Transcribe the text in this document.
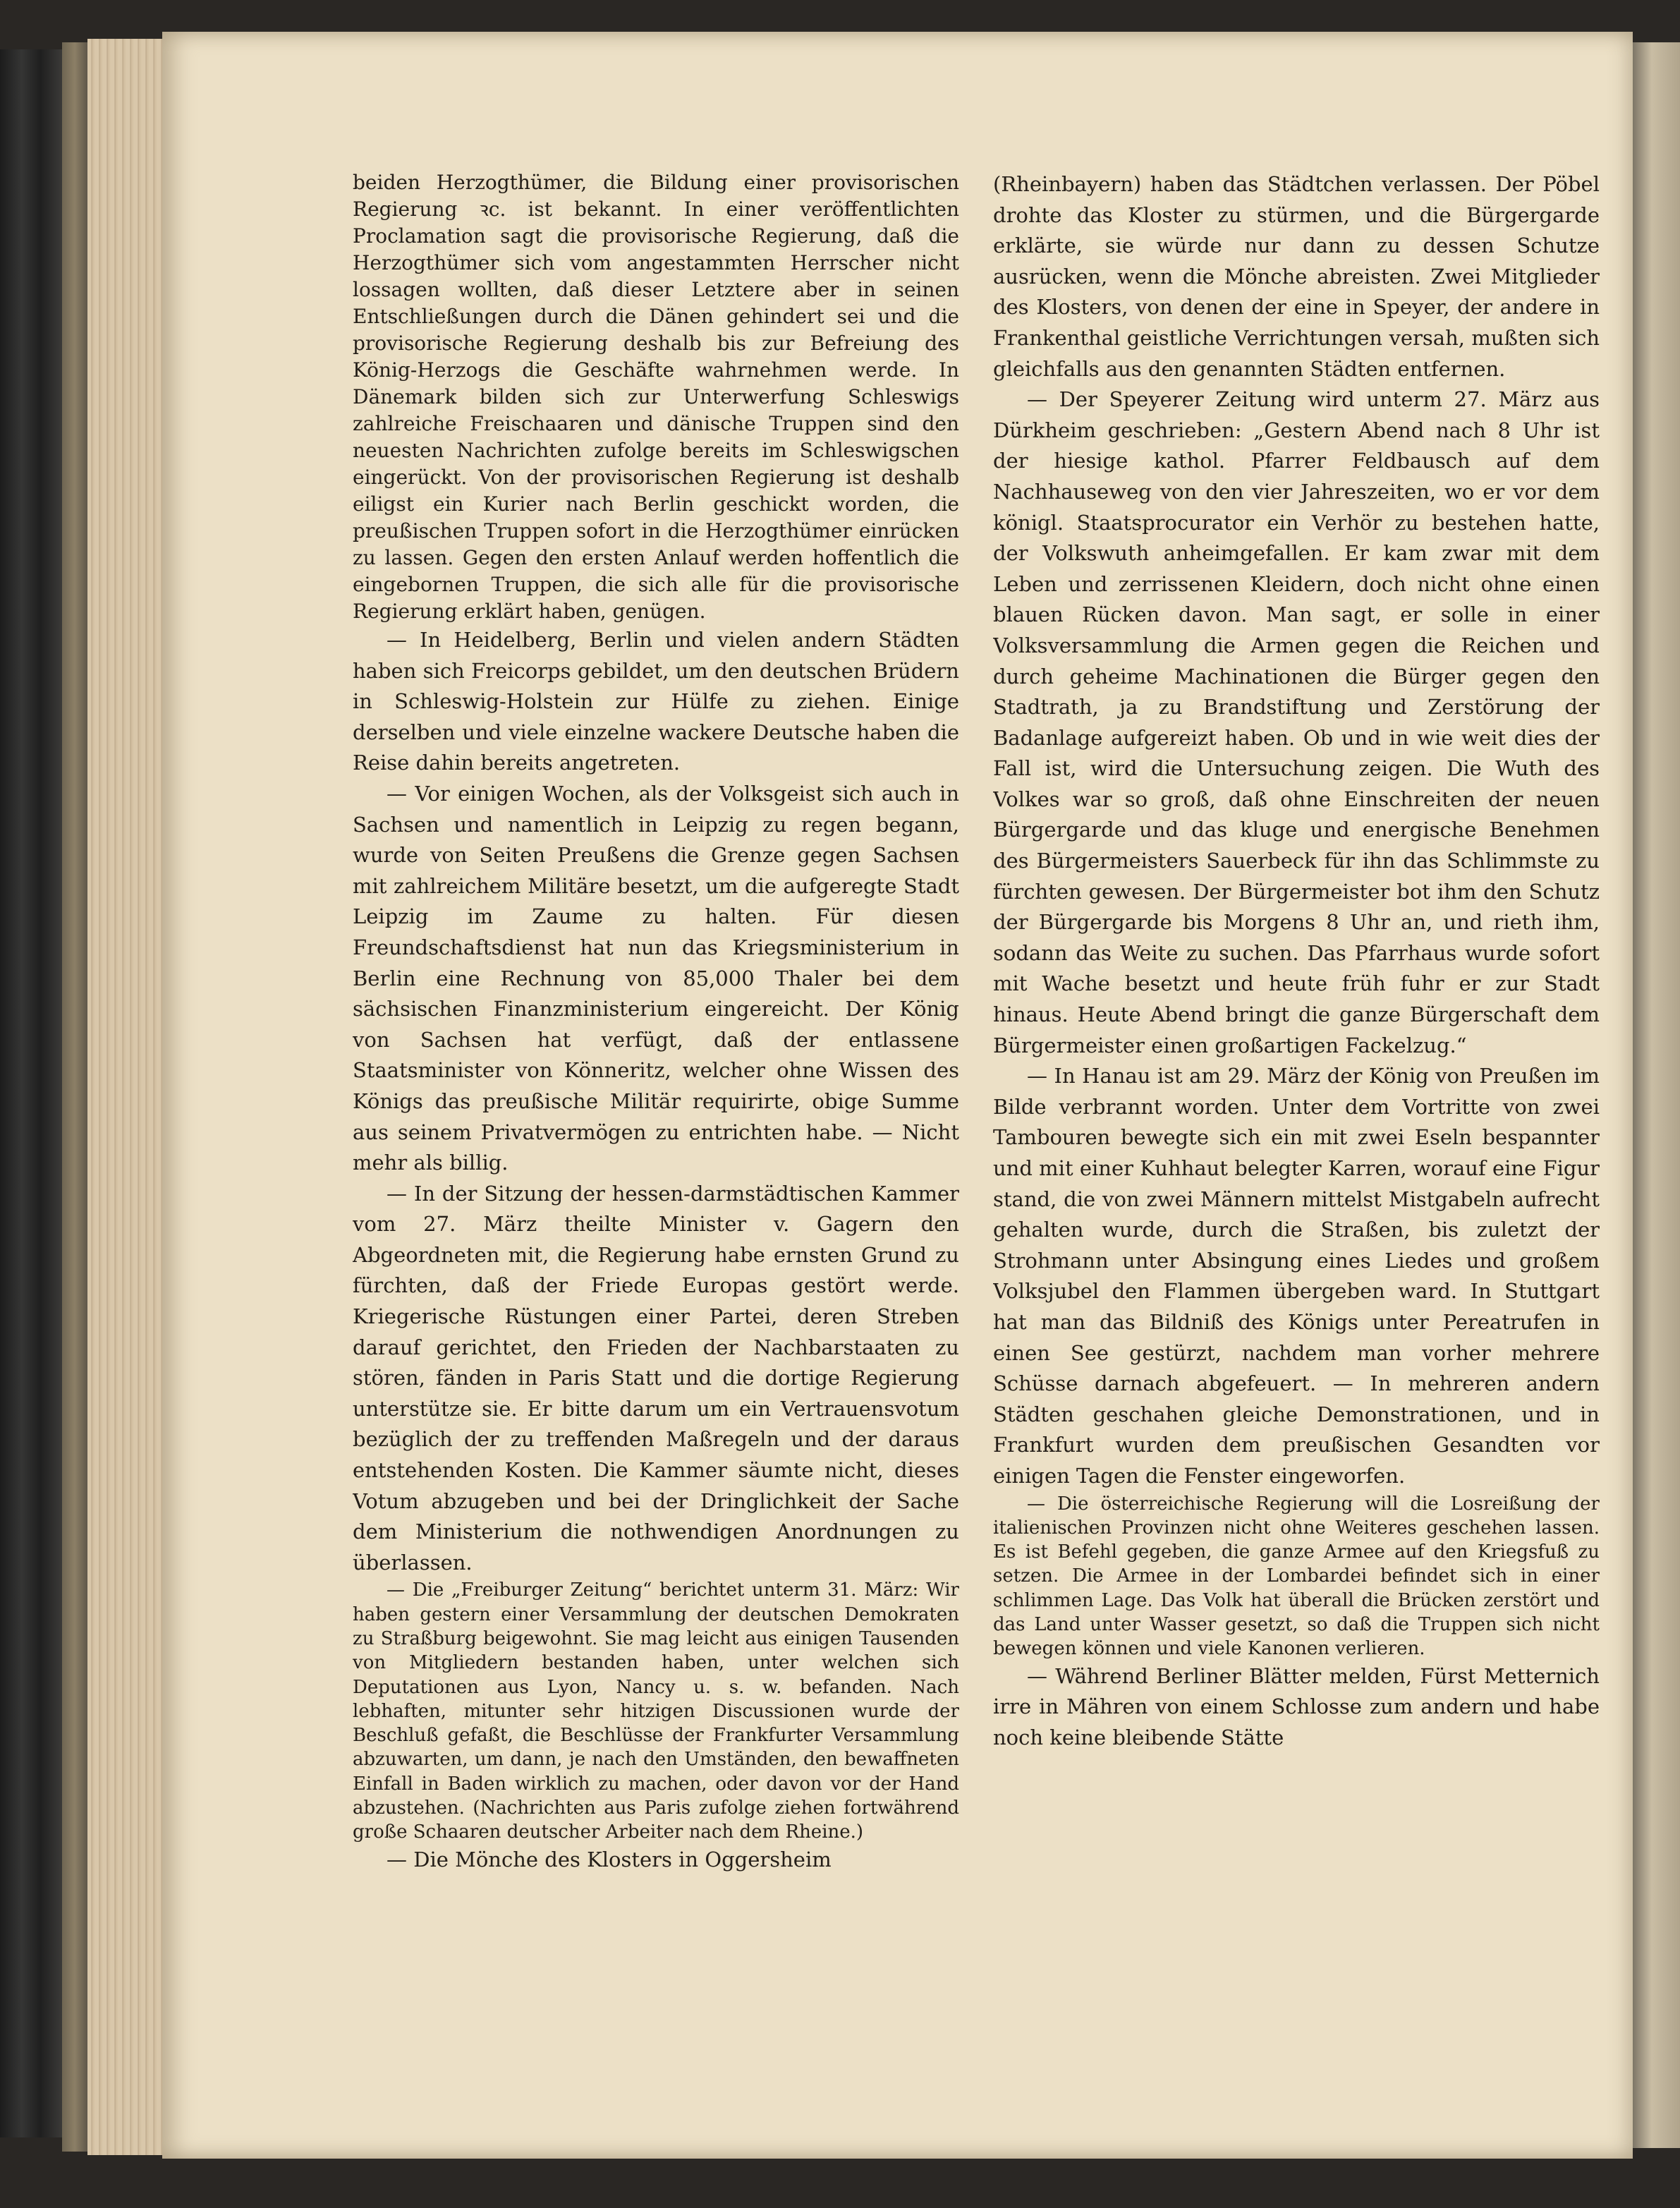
beiden Herzogthümer, die Bildung einer provisorischen Regierung ꝛc. ist bekannt. In einer veröffentlichten Proclamation sagt die provisorische Regierung, daß die Herzogthümer sich vom angestammten Herrscher nicht lossagen wollten, daß dieser Letztere aber in seinen Entschließungen durch die Dänen gehindert sei und die provisorische Regierung deshalb bis zur Befreiung des König-Herzogs die Geschäfte wahrnehmen werde. In Dänemark bilden sich zur Unterwerfung Schleswigs zahlreiche Freischaaren und dänische Truppen sind den neuesten Nachrichten zufolge bereits im Schleswigschen eingerückt. Von der provisorischen Regierung ist deshalb eiligst ein Kurier nach Berlin geschickt worden, die preußischen Truppen sofort in die Herzogthümer einrücken zu lassen. Gegen den ersten Anlauf werden hoffentlich die eingebornen Truppen, die sich alle für die provisorische Regierung erklärt haben, genügen.

— In Heidelberg, Berlin und vielen andern Städten haben sich Freicorps gebildet, um den deutschen Brüdern in Schleswig-Holstein zur Hülfe zu ziehen. Einige derselben und viele einzelne wackere Deutsche haben die Reise dahin bereits angetreten.

— Vor einigen Wochen, als der Volksgeist sich auch in Sachsen und namentlich in Leipzig zu regen begann, wurde von Seiten Preußens die Grenze gegen Sachsen mit zahlreichem Militäre besetzt, um die aufgeregte Stadt Leipzig im Zaume zu halten. Für diesen Freundschaftsdienst hat nun das Kriegsministerium in Berlin eine Rechnung von 85,000 Thaler bei dem sächsischen Finanzministerium eingereicht. Der König von Sachsen hat verfügt, daß der entlassene Staatsminister von Könneritz, welcher ohne Wissen des Königs das preußische Militär requirirte, obige Summe aus seinem Privatvermögen zu entrichten habe. — Nicht mehr als billig.

— In der Sitzung der hessen-darmstädtischen Kammer vom 27. März theilte Minister v. Gagern den Abgeordneten mit, die Regierung habe ernsten Grund zu fürchten, daß der Friede Europas gestört werde. Kriegerische Rüstungen einer Partei, deren Streben darauf gerichtet, den Frieden der Nachbarstaaten zu stören, fänden in Paris Statt und die dortige Regierung unterstütze sie. Er bitte darum um ein Vertrauensvotum bezüglich der zu treffenden Maßregeln und der daraus entstehenden Kosten. Die Kammer säumte nicht, dieses Votum abzugeben und bei der Dringlichkeit der Sache dem Ministerium die nothwendigen Anordnungen zu überlassen.

— Die „Freiburger Zeitung“ berichtet unterm 31. März: Wir haben gestern einer Versammlung der deutschen Demokraten zu Straßburg beigewohnt. Sie mag leicht aus einigen Tausenden von Mitgliedern bestanden haben, unter welchen sich Deputationen aus Lyon, Nancy u. s. w. befanden. Nach lebhaften, mitunter sehr hitzigen Discussionen wurde der Beschluß gefaßt, die Beschlüsse der Frankfurter Versammlung abzuwarten, um dann, je nach den Umständen, den bewaffneten Einfall in Baden wirklich zu machen, oder davon vor der Hand abzustehen. (Nachrichten aus Paris zufolge ziehen fortwährend große Schaaren deutscher Arbeiter nach dem Rheine.)

— Die Mönche des Klosters in Oggersheim

(Rheinbayern) haben das Städtchen verlassen. Der Pöbel drohte das Kloster zu stürmen, und die Bürgergarde erklärte, sie würde nur dann zu dessen Schutze ausrücken, wenn die Mönche abreisten. Zwei Mitglieder des Klosters, von denen der eine in Speyer, der andere in Frankenthal geistliche Verrichtungen versah, mußten sich gleichfalls aus den genannten Städten entfernen.

— Der Speyerer Zeitung wird unterm 27. März aus Dürkheim geschrieben: „Gestern Abend nach 8 Uhr ist der hiesige kathol. Pfarrer Feldbausch auf dem Nachhauseweg von den vier Jahreszeiten, wo er vor dem königl. Staatsprocurator ein Verhör zu bestehen hatte, der Volkswuth anheimgefallen. Er kam zwar mit dem Leben und zerrissenen Kleidern, doch nicht ohne einen blauen Rücken davon. Man sagt, er solle in einer Volksversammlung die Armen gegen die Reichen und durch geheime Machinationen die Bürger gegen den Stadtrath, ja zu Brandstiftung und Zerstörung der Badanlage aufgereizt haben. Ob und in wie weit dies der Fall ist, wird die Untersuchung zeigen. Die Wuth des Volkes war so groß, daß ohne Einschreiten der neuen Bürgergarde und das kluge und energische Benehmen des Bürgermeisters Sauerbeck für ihn das Schlimmste zu fürchten gewesen. Der Bürgermeister bot ihm den Schutz der Bürgergarde bis Morgens 8 Uhr an, und rieth ihm, sodann das Weite zu suchen. Das Pfarrhaus wurde sofort mit Wache besetzt und heute früh fuhr er zur Stadt hinaus. Heute Abend bringt die ganze Bürgerschaft dem Bürgermeister einen großartigen Fackelzug.“

— In Hanau ist am 29. März der König von Preußen im Bilde verbrannt worden. Unter dem Vortritte von zwei Tambouren bewegte sich ein mit zwei Eseln bespannter und mit einer Kuhhaut belegter Karren, worauf eine Figur stand, die von zwei Männern mittelst Mistgabeln aufrecht gehalten wurde, durch die Straßen, bis zuletzt der Strohmann unter Absingung eines Liedes und großem Volksjubel den Flammen übergeben ward. In Stuttgart hat man das Bildniß des Königs unter Pereatrufen in einen See gestürzt, nachdem man vorher mehrere Schüsse darnach abgefeuert. — In mehreren andern Städten geschahen gleiche Demonstrationen, und in Frankfurt wurden dem preußischen Gesandten vor einigen Tagen die Fenster eingeworfen.

— Die österreichische Regierung will die Losreißung der italienischen Provinzen nicht ohne Weiteres geschehen lassen. Es ist Befehl gegeben, die ganze Armee auf den Kriegsfuß zu setzen. Die Armee in der Lombardei befindet sich in einer schlimmen Lage. Das Volk hat überall die Brücken zerstört und das Land unter Wasser gesetzt, so daß die Truppen sich nicht bewegen können und viele Kanonen verlieren.

— Während Berliner Blätter melden, Fürst Metternich irre in Mähren von einem Schlosse zum andern und habe noch keine bleibende Stätte
